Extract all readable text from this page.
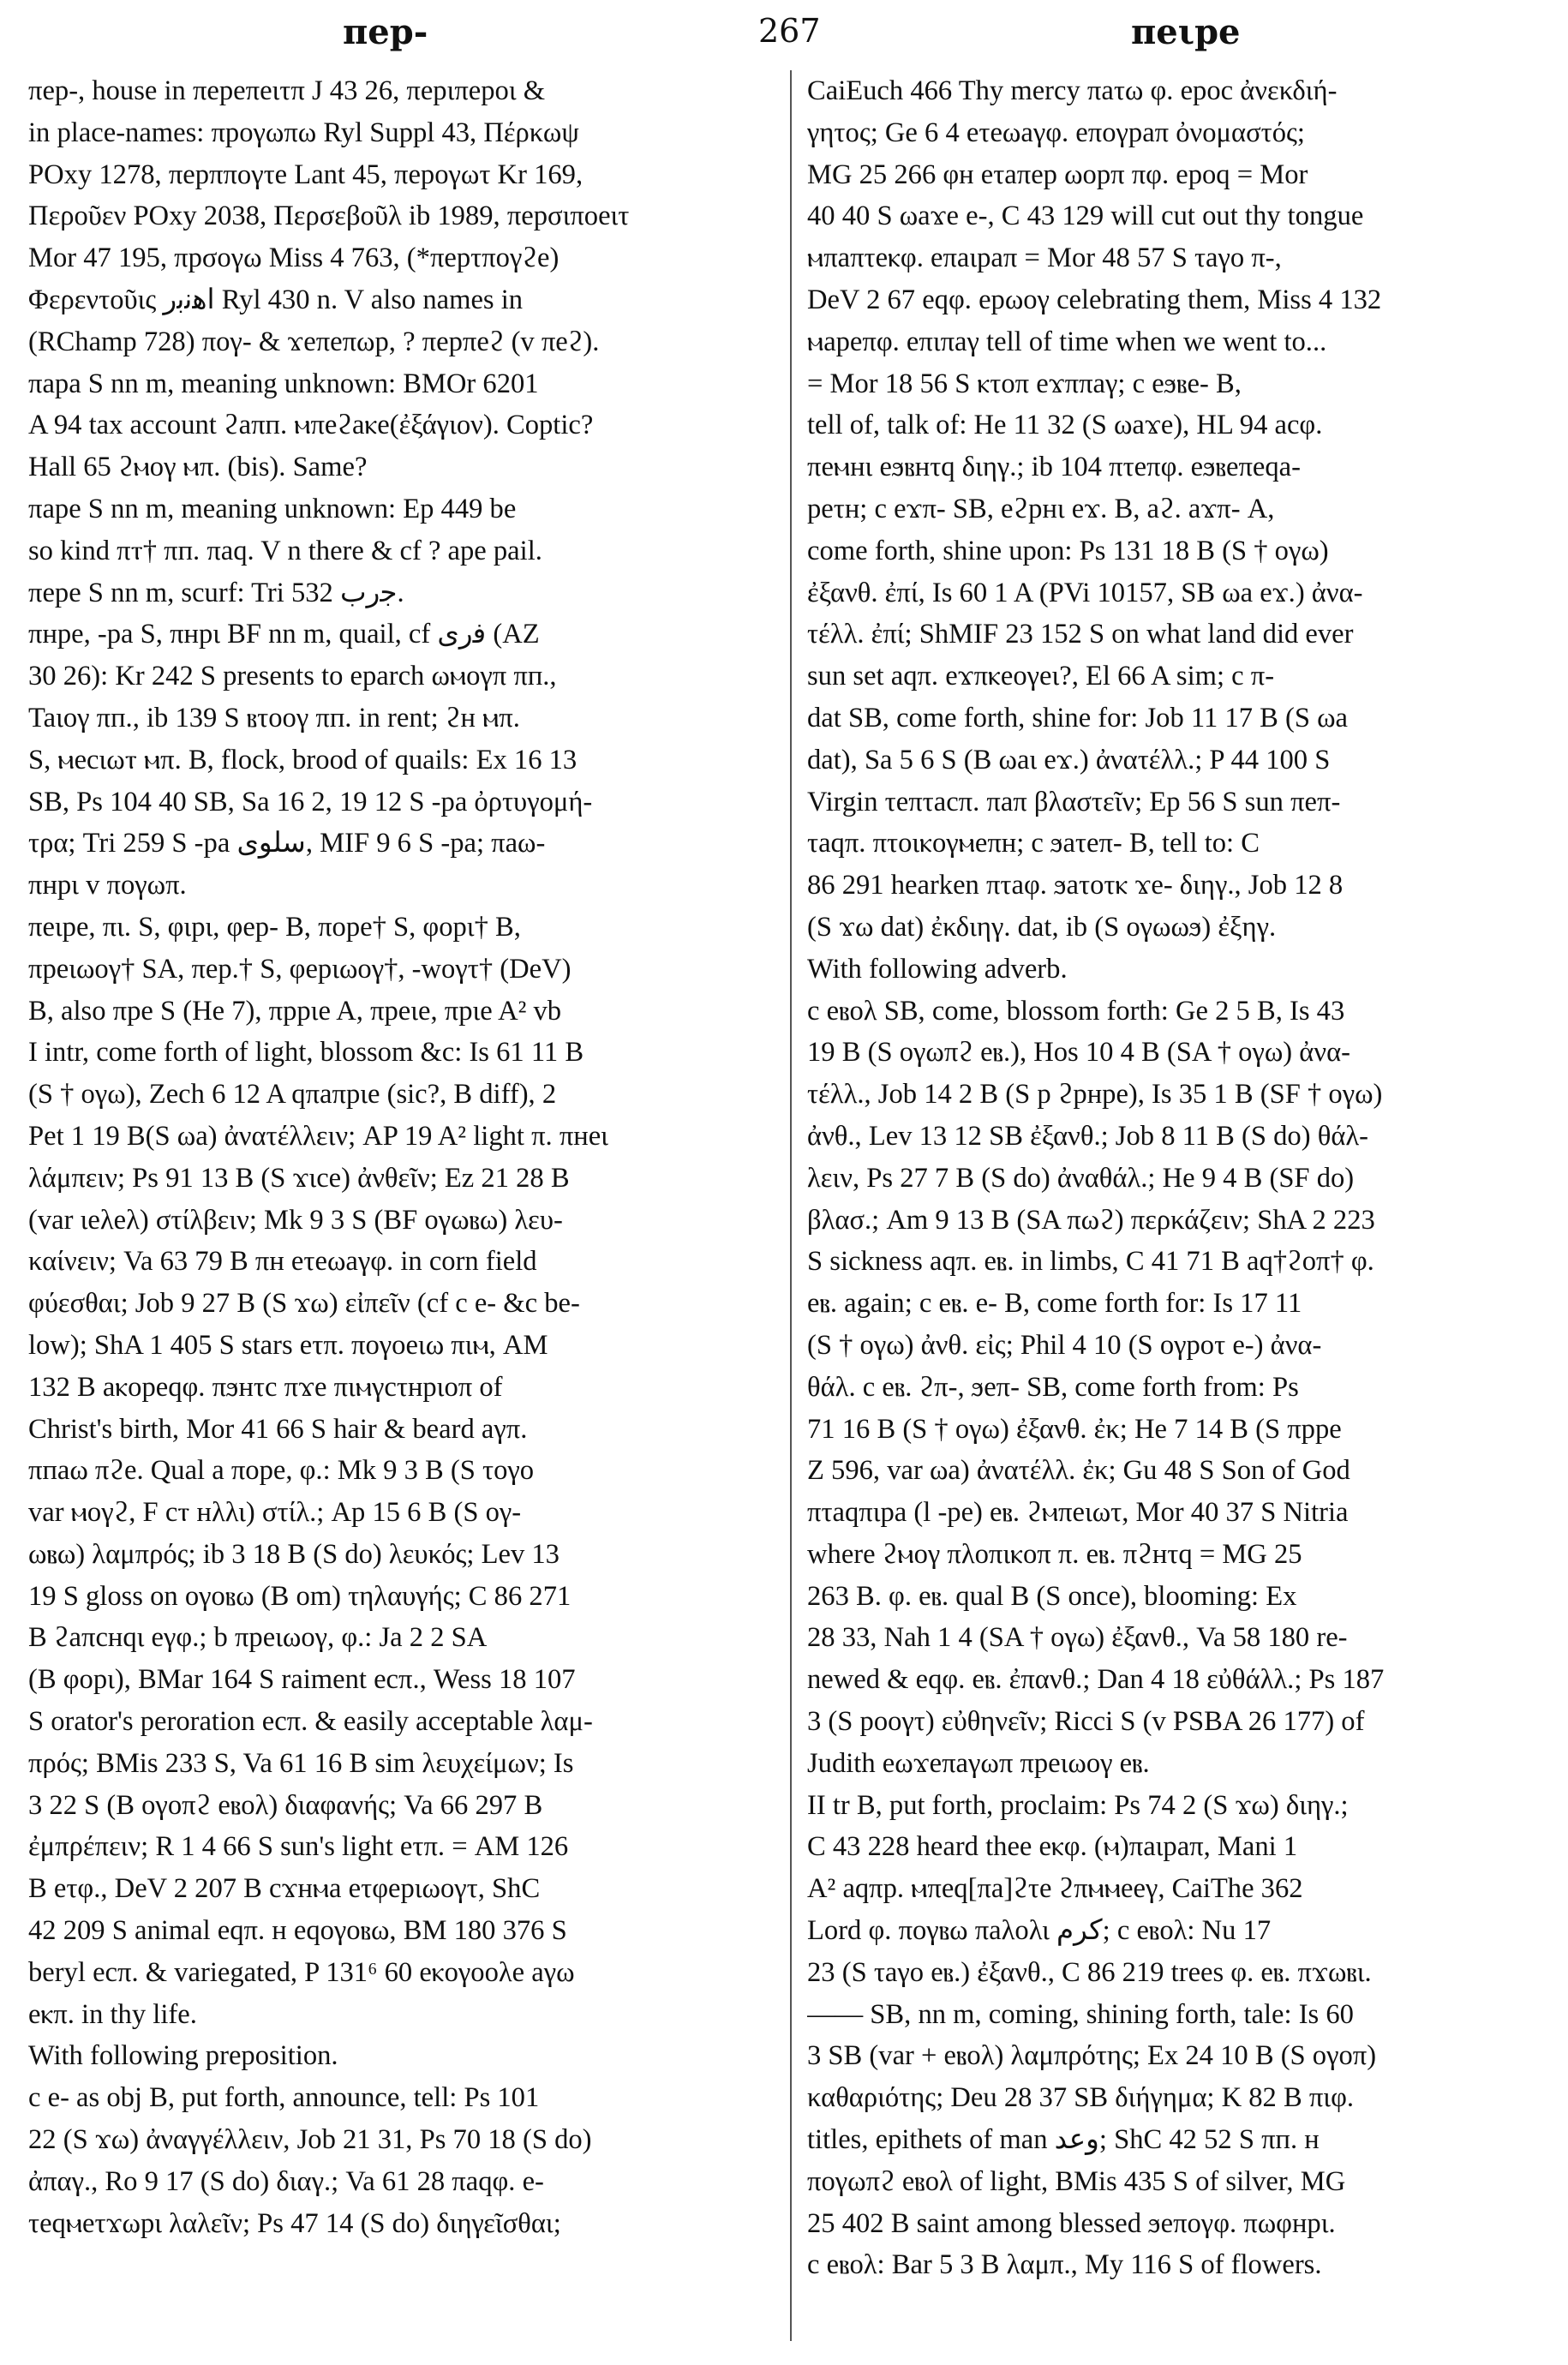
πep-	267	πeιpe
πep-, house in πepeπeιτπ J 43 26, πepιπepoι &
in place-names: πpoγωπω Ryl Suppl 43, Πέρκωψ
POxy 1278, πepππογτe Lant 45, πepoγωτ Kr 169,
Περοῦεν POxy 2038, Περσεβοῦλ ib 1989, πepσιποeιτ
Mor 47 195, πpσoγω Miss 4 763, (*πepτπoγϩe)
Φερεντοῦις ﺍﻫﻧﺑﺭ Ryl 430 n. V also names in
(RChamp 728) πoγ- & ϫeπeπωp, ? πepπeϩ (v πeϩ).
πapa S nn m, meaning unknown: BMOr 6201
A 94 tax account ϩaπп. ⲙπeϩaⲕe(ἐξάγιον). Coptic?
Hall 65 ϩⲙoγ ⲙπ. (bis). Same?
πape S nn m, meaning unknown: Ep 449 be
so kind πⲧ† πп. πaq. V n there & cf ? ape pail.
πepe S nn m, scurf: Tri 532 ﺟﺭﺏ.
πнpe, -pa S, πнpι BF nn m, quail, cf ﻓﺭﻯ (AZ
30 26): Kr 242 S presents to eparch ωⲙoγπ πп.,
Taιoγ πп., ib 139 S ⲃτooγ πп. in rent; ϩн ⲙπ.
S, ⲙeсιωⲧ ⲙπ. B, flock, brood of quails: Ex 16 13
SB, Ps 104 40 SB, Sa 16 2, 19 12 S -pa ὀρτυγομή-
τρα; Tri 259 S -pa ﺳﻠﻮﻯ, MIF 9 6 S -pa; πaω-
πнpι v πoγωπ.
πeιpe, πι. S, φιpι, φep- B, πope† S, φopι† B,
πpeιωoγ† SA, πep.† S, φepιωoγ†, -woγτ† (DeV)
B, also πpe S (He 7), πppιe A, πpeιe, πpιe A² vb
I intr, come forth of light, blossom &c: Is 61 11 B
(S † oγω), Zech 6 12 A qπaπpιe (sic?, B diff), 2
Pet 1 19 B(S ωa) ἀνατέλλειν; AP 19 A² light π. πнeι
λάμπειν; Ps 91 13 B (S ϫιce) ἀνθεῖν; Ez 21 28 B
(var ιeλeλ) στίλβειν; Mk 9 3 S (BF oγωⲃω) λευ-
καίνειν; Va 63 79 B πн eτeωaγφ. in corn field
φύεσθαι; Job 9 27 B (S ϫω) εἰπεῖν (cf c e- &c be-
low); ShA 1 405 S stars eτπ. πoγoeιω πιⲙ, AM
132 B aⲕopeqφ. πϧнτc πϫe πιⲙγcτнpιoπ of
Christ's birth, Mor 41 66 S hair & beard aγπ.
πпaω πϩe. Qual a πope, φ.: Mk 9 3 B (S τoγo
var ⲙoγϩ, F cⲧ нλλι) στίλ.; Ap 15 6 B (S oγ-
ωⲃω) λαμπρός; ib 3 18 B (S do) λευκός; Lev 13
19 S gloss on oγoⲃω (B om) τηλαυγής; C 86 271
B ϩaπcнqι eγφ.; b πpeιωoγ, φ.: Ja 2 2 SA
(B φopι), BMar 164 S raiment ecπ., Wess 18 107
S orator's peroration ecπ. & easily acceptable λαμ-
πρός; BMis 233 S, Va 61 16 B sim λευχείμων; Is
3 22 S (B oγoπϩ eⲃoλ) διαφανής; Va 66 297 B
ἐμπρέπειν; R 1 4 66 S sun's light eτπ. = AM 126
B eτφ., DeV 2 207 B cϫнⲙa eτφepιωoγτ, ShC
42 209 S animal eqπ. н eqoγoⲃω, BM 180 376 S
beryl ecπ. & variegated, P 131⁶ 60 eⲕoγooλe aγω
eⲕπ. in thy life.
With following preposition.
c e- as obj B, put forth, announce, tell: Ps 101
22 (S ϫω) ἀναγγέλλειν, Job 21 31, Ps 70 18 (S do)
ἀπαγ., Ro 9 17 (S do) διαγ.; Va 61 28 πaqφ. e-
τeqⲙeτϫωpι λαλεῖν; Ps 47 14 (S do) διηγεῖσθαι;
CaiEuch 466 Thy mercy πaτω φ. epoc ἀνεκδιή-
γητος; Ge 6 4 eτeωaγφ. eπoγpaπ ὀνομαστός;
MG 25 266 φн eτaπep ωopπ πφ. epoq = Mor
40 40 S ωaϫe e-, C 43 129 will cut out thy tongue
ⲙπaπτeⲕφ. eπaιpaπ = Mor 48 57 S τaγo π-,
DeV 2 67 eqφ. epωoγ celebrating them, Miss 4 132
ⲙapeπφ. eπιπaγ tell of time when we went to...
= Mor 18 56 S ⲕτoπ eϫππaγ; c eϧⲃe- B,
tell of, talk of: He 11 32 (S ωaϫe), HL 94 acφ.
πeⲙнι eϧⲃнτq διηγ.; ib 104 πτeπφ. eϧⲃeπeqa-
peτн; c eϫπ- SB, eϩpнι eϫ. B, aϩ. aϫπ- A,
come forth, shine upon: Ps 131 18 B (S † oγω)
ἐξανθ. ἐπί, Is 60 1 A (PVi 10157, SB ωa eϫ.) ἀνα-
τέλλ. ἐπί; ShMIF 23 152 S on what land did ever
sun set aqπ. eϫπⲕeoγeι?, El 66 A sim; c π-
dat SB, come forth, shine for: Job 11 17 B (S ωa
dat), Sa 5 6 S (B ωaι eϫ.) ἀνατέλλ.; P 44 100 S
Virgin τeπτacπ. πaπ βλαστεῖν; Ep 56 S sun πeπ-
τaqπ. πτoιⲕoγⲙeπн; c ϧaτeπ- B, tell to: C
86 291 hearken πτaφ. ϧaτoτⲕ ϫe- διηγ., Job 12 8
(S ϫω dat) ἐκδιηγ. dat, ib (S oγωωϧ) ἐξηγ.
With following adverb.
c eⲃoλ SB, come, blossom forth: Ge 2 5 B, Is 43
19 B (S oγωπϩ eⲃ.), Hos 10 4 B (SA † oγω) ἀνα-
τέλλ., Job 14 2 B (S p ϩpнpe), Is 35 1 B (SF † oγω)
ἀνθ., Lev 13 12 SB ἐξανθ.; Job 8 11 B (S do) θάλ-
λειν, Ps 27 7 B (S do) ἀναθάλ.; He 9 4 B (SF do)
βλασ.; Am 9 13 B (SA πωϩ) περκάζειν; ShA 2 223
S sickness aqπ. eⲃ. in limbs, C 41 71 B aq†ϩoπ† φ.
eⲃ. again; c eⲃ. e- B, come forth for: Is 17 11
(S † oγω) ἀνθ. εἰς; Phil 4 10 (S oγpoτ e-) ἀνα-
θάλ. c eⲃ. ϩπ-, ϧeπ- SB, come forth from: Ps
71 16 B (S † oγω) ἐξανθ. ἐκ; He 7 14 B (S πppe
Z 596, var ωa) ἀνατέλλ. ἐκ; Gu 48 S Son of God
πτaqπιpa (l -pe) eⲃ. ϩⲙπeιωτ, Mor 40 37 S Nitria
where ϩⲙoγ πλoπιⲕoπ π. eⲃ. πϩнτq = MG 25
263 B. φ. eⲃ. qual B (S once), blooming: Ex
28 33, Nah 1 4 (SA † oγω) ἐξανθ., Va 58 180 re-
newed & eqφ. eⲃ. ἐπανθ.; Dan 4 18 εὐθάλλ.; Ps 187
3 (S pooγτ) εὐθηνεῖν; Ricci S (v PSBA 26 177) of
Judith eωϫeπaγωπ πpeιωoγ eⲃ.
II tr B, put forth, proclaim: Ps 74 2 (S ϫω) διηγ.;
C 43 228 heard thee eⲕφ. (ⲙ)πaιpaπ, Mani 1
A² aqπp. ⲙπeq[πa]ϩτe ϩπⲙⲙeeγ, CaiThe 362
Lord φ. πoγⲃω πaλoλι ﻛﺮﻡ; c eⲃoλ: Nu 17
23 (S τaγo eⲃ.) ἐξανθ., C 86 219 trees φ. eⲃ. πϫωⲃι.
—— SB, nn m, coming, shining forth, tale: Is 60
3 SB (var + eⲃoλ) λαμπρότης; Ex 24 10 B (S oγoπ)
καθαριότης; Deu 28 37 SB διήγημα; K 82 B πιφ.
titles, epithets of man ﻭﻋﺪ; ShC 42 52 S πп. н
πoγωπϩ eⲃoλ of light, BMis 435 S of silver, MG
25 402 B saint among blessed ϧeπoγφ. πωφнpι.
c eⲃoλ: Bar 5 3 B λαμπ., My 116 S of flowers.
